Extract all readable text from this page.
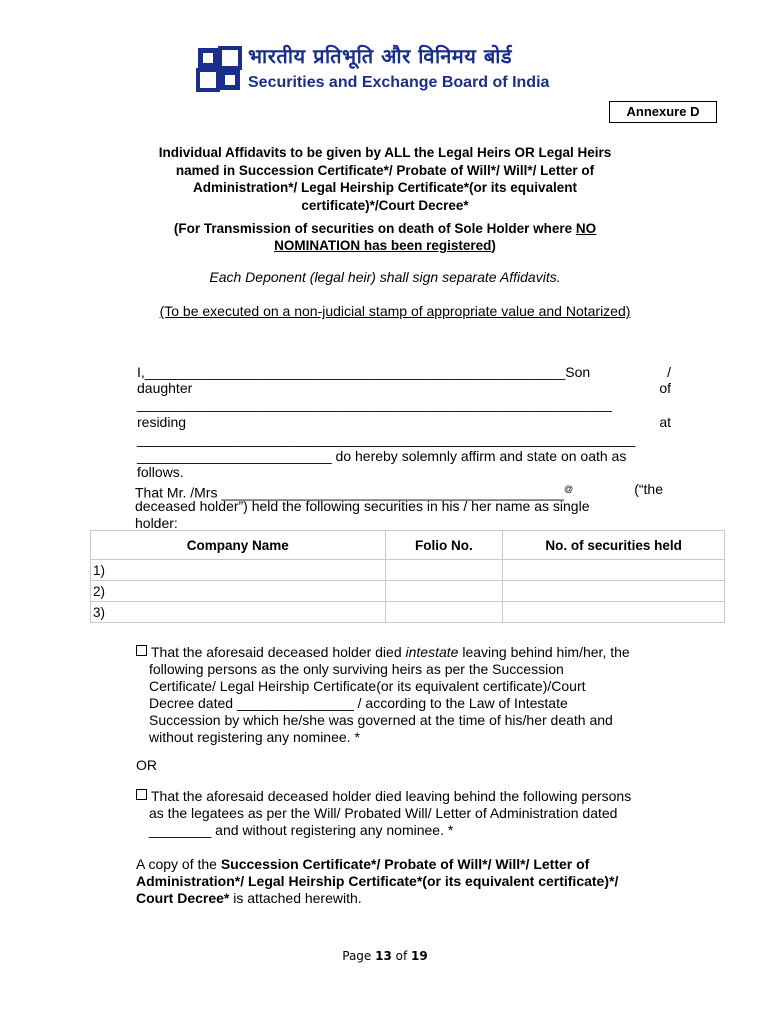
भारतीय प्रतिभूति और विनिमय बोर्ड
Securities and Exchange Board of India
Annexure D
Individual Affidavits to be given by ALL the Legal Heirs OR Legal Heirs
named in Succession Certificate*/ Probate of Will*/ Will*/ Letter of
Administration*/ Legal Heirship Certificate*(or its equivalent
certificate)*/Court Decree*
(For Transmission of securities on death of Sole Holder where NO
NOMINATION has been registered)
Each Deponent (legal heir) shall sign separate Affidavits.
(To be executed on a non-judicial stamp of appropriate value and Notarized)
I,______________________________________________________Son	/
daughter	of
_____________________________________________________________
residing	at
________________________________________________________________
_________________________ do hereby solemnly affirm and state on oath as
follows.
That Mr. /Mrs ____________________________________________@	(“the
deceased holder”) held the following securities in his / her name as single
holder:
Company Name	Folio No.	No. of securities held
1)		
2)		
3)		
That the aforesaid deceased holder died intestate leaving behind him/her, the
following persons as the only surviving heirs as per the Succession
Certificate/ Legal Heirship Certificate(or its equivalent certificate)/Court
Decree dated _______________ / according to the Law of Intestate
Succession by which he/she was governed at the time of his/her death and
without registering any nominee. *
OR
That the aforesaid deceased holder died leaving behind the following persons
as the legatees as per the Will/ Probated Will/ Letter of Administration dated
________ and without registering any nominee. *
A copy of the Succession Certificate*/ Probate of Will*/ Will*/ Letter of
Administration*/ Legal Heirship Certificate*(or its equivalent certificate)*/
Court Decree* is attached herewith.
Page 13 of 19
